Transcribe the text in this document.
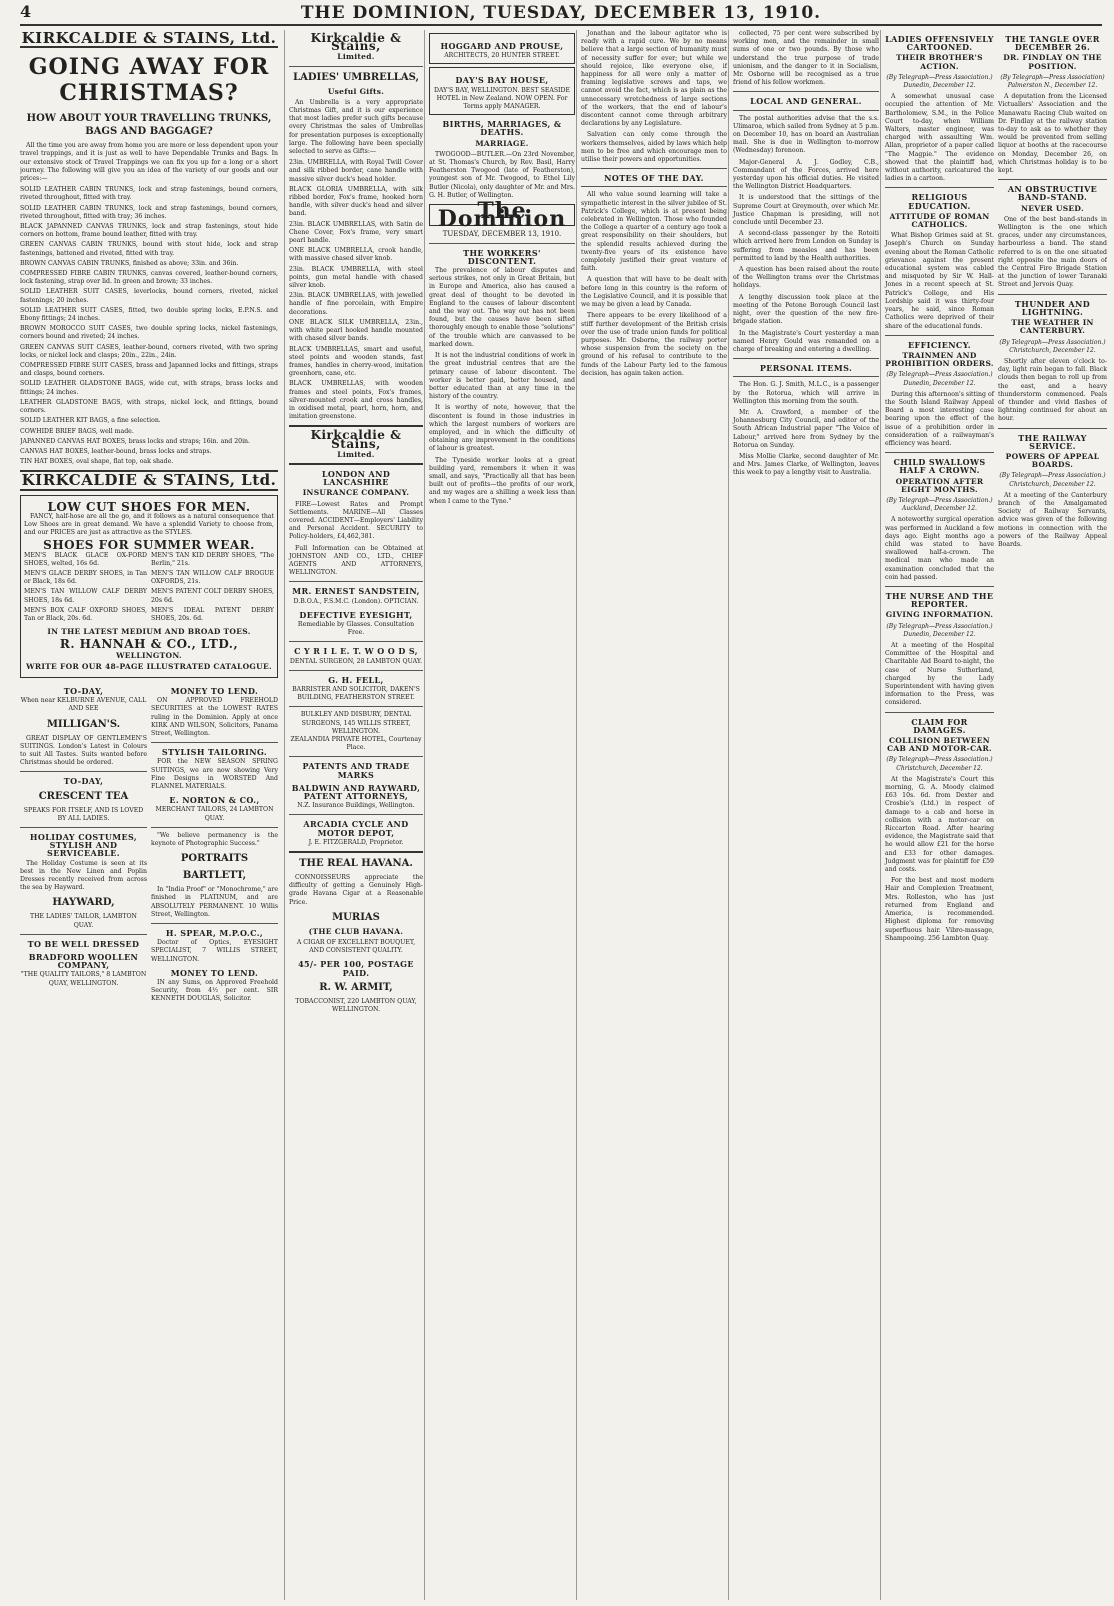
4	THE DOMINION, TUESDAY, DECEMBER 13, 1910.
KIRKCALDIE & STAINS, Ltd.
GOING AWAY FOR CHRISTMAS?
HOW ABOUT YOUR TRAVELLING TRUNKS, BAGS AND BAGGAGE?

All the time you are away from home you are more or less dependent upon your travel trappings, and it is just as well to have Dependable Trunks and Bags. In our extensive stock of Travel Trappings we can fix you up for a long or a short journey. The following will give you an idea of the variety of our goods and our prices:—

SOLID LEATHER CABIN TRUNKS, lock and strap fastenings, bound corners, riveted throughout, fitted with tray.
SOLID LEATHER CABIN TRUNKS, lock and strap fastenings, bound corners, riveted throughout, fitted with tray; 36 inches.
BLACK JAPANNED CANVAS TRUNKS, lock and strap fastenings, stout hide corners on bottom, frame bound leather, fitted with tray.
GREEN CANVAS CABIN TRUNKS, bound with stout hide, lock and strap fastenings, battened and riveted, fitted with tray.
BROWN CANVAS CABIN TRUNKS, finished as above; 33in. and 36in.
COMPRESSED FIBRE CABIN TRUNKS, canvas covered, leather-bound corners, lock fastening, strap over lid. In green and brown; 33 inches.
SOLID LEATHER SUIT CASES, leverlocks, bound corners, riveted, nickel fastenings; 20 inches.
SOLID LEATHER SUIT CASES, fitted, two double spring locks, E.P.N.S. and Ebony fittings; 24 inches.
BROWN MOROCCO SUIT CASES, two double spring locks, nickel fastenings, corners bound and riveted; 24 inches.
GREEN CANVAS SUIT CASES, leather-bound, corners riveted, with two spring locks, or nickel lock and clasps; 20in., 22in., 24in.
COMPRESSED FIBRE SUIT CASES, brass and Japanned locks and fittings, straps and clasps, bound corners.
SOLID LEATHER GLADSTONE BAGS, wide cut, with straps, brass locks and fittings; 24 inches.
LEATHER GLADSTONE BAGS, with straps, nickel lock, and fittings, bound corners.
SOLID LEATHER KIT BAGS, a fine selection.
COWHIDE BRIEF BAGS, well made.
JAPANNED CANVAS HAT BOXES, brass locks and straps; 16in. and 20in.
CANVAS HAT BOXES, leather-bound, brass locks and straps.
TIN HAT BOXES, oval shape, flat top, oak shade.
KIRKCALDIE & STAINS, Ltd.
LOW CUT SHOES FOR MEN.

FANCY, half-hose are all the go, and it follows as a natural consequence that Low Shoes are in great demand. We have a splendid Variety to choose from, and our PRICES are just as attractive as the STYLES.

SHOES FOR SUMMER WEAR.
MEN'S BLACK GLACE OX-FORD SHOES, welted, 16s 6d.
MEN'S GLACE DERBY SHOES, in Tan or Black, 18s 6d.
MEN'S TAN WILLOW CALF DERBY SHOES, 18s 6d.
MEN'S BOX CALF OXFORD SHOES, Tan or Black, 20s. 6d.
MEN'S TAN KID DERBY SHOES, "The Berlin," 21s.
MEN'S TAN WILLOW CALF BROGUE OXFORDS, 21s.
MEN'S PATENT COLT DERBY SHOES, 20s 6d.
MEN'S IDEAL PATENT DERBY SHOES, 20s. 6d.
IN THE LATEST MEDIUM AND BROAD TOES.
R. HANNAH & CO., LTD.,
WELLINGTON.
WRITE FOR OUR 48-PAGE ILLUSTRATED CATALOGUE.
TO-DAY,
When near KELBURNE AVENUE, CALL AND SEE
MILLIGAN'S.

GREAT DISPLAY OF GENTLEMEN'S SUITINGS. London's Latest in Colours to suit All Tastes. Suits wanted before Christmas should be ordered.

TO-DAY,
CRESCENT TEA
SPEAKS FOR ITSELF, AND IS LOVED BY ALL LADIES.
HOLIDAY COSTUMES, STYLISH AND SERVICEABLE.

The Holiday Costume is seen at its best in the New Linen and Poplin Dresses recently received from across the sea by Hayward.

HAYWARD,
THE LADIES' TAILOR, LAMBTON QUAY.
TO BE WELL DRESSED
BRADFORD WOOLLEN COMPANY,
"THE QUALITY TAILORS," 8 LAMBTON QUAY, WELLINGTON.
MONEY TO LEND.

ON APPROVED FREEHOLD SECURITIES at the LOWEST RATES ruling in the Dominion. Apply at once KIRK AND WILSON, Solicitors, Panama Street, Wellington.

STYLISH TAILORING.

FOR the NEW SEASON SPRING SUITINGS, we are now showing Very Fine Designs in WORSTED And FLANNEL MATERIALS.

E. NORTON & CO.,
MERCHANT TAILORS, 24 LAMBTON QUAY.

"We believe permanency is the keynote of Photographic Success."

PORTRAITS
BARTLETT,

In "India Proof" or "Monochrome," are finished in PLATINUM, and are ABSOLUTELY PERMANENT. 10 Willis Street, Wellington.

H. SPEAR, M.P.O.C.,

Doctor of Optics, EYESIGHT SPECIALIST, 7 WILLIS STREET, WELLINGTON.

MONEY TO LEND.

IN any Sums, on Approved Freehold Security, from 4½ per cent. SIR KENNETH DOUGLAS, Solicitor.

Kirkcaldie & Stains,
Limited.
LADIES' UMBRELLAS,
Useful Gifts.

An Umbrella is a very appropriate Christmas Gift, and it is our experience that most ladies prefer such gifts because every Christmas the sales of Umbrellas for presentation purposes is exceptionally large. The following have been specially selected to serve as Gifts:—

23in. UMBRELLA, with Royal Twill Cover and silk ribbed border, cane handle with massive silver duck's head holder.
BLACK GLORIA UMBRELLA, with silk ribbed border, Fox's frame, hooked horn handle, with silver duck's head and silver band.
23in. BLACK UMBRELLAS, with Satin de Chene Cover, Fox's frame, very smart pearl handle.
ONE BLACK UMBRELLA, crook handle, with massive chased silver knob.
23in. BLACK UMBRELLA, with steel points, gun metal handle with chased silver knob.
23in. BLACK UMBRELLAS, with jewelled handle of fine porcelain, with Empire decorations.
ONE BLACK SILK UMBRELLA, 23in., with white pearl hooked handle mounted with chased silver bands.
BLACK UMBRELLAS, smart and useful, steel points and wooden stands, fast frames, handles in cherry-wood, imitation greenhorn, cane, etc.
BLACK UMBRELLAS, with wooden frames and steel points, Fox's frames, silver-mounted crook and cross handles, in oxidised metal, pearl, horn, horn, and imitation greenstone.
Kirkcaldie & Stains,
Limited.
LONDON AND LANCASHIRE
INSURANCE COMPANY.

FIRE—Lowest Rates and Prompt Settlements. MARINE—All Classes covered. ACCIDENT—Employers' Liability and Personal Accident. SECURITY to Policy-holders, £4,462,381.

Full Information can be Obtained at JOHNSTON AND CO., LTD., CHIEF AGENTS AND ATTORNEYS, WELLINGTON.

MR. ERNEST SANDSTEIN,
D.B.O.A., F.S.M.C. (London). OPTICIAN.
DEFECTIVE EYESIGHT,
Remediable by Glasses. Consultation Free.
C Y R I L E. T. W O O D S,
DENTAL SURGEON, 28 LAMBTON QUAY.
G. H. FELL,
BARRISTER AND SOLICITOR, DAKEN'S BUILDING, FEATHERSTON STREET.
BULKLEY AND DISBURY, DENTAL SURGEONS, 145 WILLIS STREET, WELLINGTON.
ZEALANDIA PRIVATE HOTEL, Courtenay Place.
PATENTS AND TRADE MARKS
BALDWIN AND RAYWARD, PATENT ATTORNEYS,
N.Z. Insurance Buildings, Wellington.
ARCADIA CYCLE AND MOTOR DEPOT,
J. E. FITZGERALD, Proprietor.
THE REAL HAVANA.

CONNOISSEURS appreciate the difficulty of getting a Genuinely High-grade Havana Cigar at a Reasonable Price.

MURIAS
(THE CLUB HAVANA.
A CIGAR OF EXCELLENT BOUQUET, AND CONSISTENT QUALITY.
45/- PER 100, POSTAGE PAID.
R. W. ARMIT,
TOBACCONIST, 220 LAMBTON QUAY, WELLINGTON.
HOGGARD AND PROUSE,
ARCHITECTS, 20 HUNTER STREET.
DAY'S BAY HOUSE,
DAY'S BAY, WELLINGTON. BEST SEASIDE HOTEL in New Zealand. NOW OPEN. For Terms apply MANAGER.
BIRTHS, MARRIAGES, & DEATHS.
MARRIAGE.

TWOGOOD—BUTLER.—On 23rd November, at St. Thomas's Church, by Rev. Basil, Harry Featherston Twogood (late of Featherston), youngest son of Mr. Twogood, to Ethel Lily Butler (Nicola), only daughter of Mr. and Mrs. G. H. Butler, of Wellington.

The Dominion
TUESDAY, DECEMBER 13, 1910.
THE WORKERS' DISCONTENT.

The prevalence of labour disputes and serious strikes, not only in Great Britain, but in Europe and America, also has caused a great deal of thought to be devoted in England to the causes of labour discontent and the way out. The way out has not been found, but the causes have been sifted thoroughly enough to enable those "solutions" of the trouble which are canvassed to be marked down.

It is not the industrial conditions of work in the great industrial centres that are the primary cause of labour discontent. The worker is better paid, better housed, and better educated than at any time in the history of the country.

It is worthy of note, however, that the discontent is found in those industries in which the largest numbers of workers are employed, and in which the difficulty of obtaining any improvement in the conditions of labour is greatest.

The Tyneside worker looks at a great building yard, remembers it when it was small, and says, "Practically all that has been built out of profits—the profits of our work, and my wages are a shilling a week less than when I came to the Tyne."

Jonathan and the labour agitator who is ready with a rapid cure. We by no means believe that a large section of humanity must of necessity suffer for ever; but while we should rejoice, like everyone else, if happiness for all were only a matter of framing legislative screws and taps, we cannot avoid the fact, which is as plain as the unnecessary wretchedness of large sections of the workers, that the end of labour's discontent cannot come through arbitrary declarations by any Legislature.

Salvation can only come through the workers themselves, aided by laws which help men to be free and which encourage men to utilise their powers and opportunities.

NOTES OF THE DAY.

All who value sound learning will take a sympathetic interest in the silver jubilee of St. Patrick's College, which is at present being celebrated in Wellington. Those who founded the College a quarter of a century ago took a great responsibility on their shoulders, but the splendid results achieved during the twenty-five years of its existence have completely justified their great venture of faith.

A question that will have to be dealt with before long in this country is the reform of the Legislative Council, and it is possible that we may be given a lead by Canada.

There appears to be every likelihood of a stiff further development of the British crisis over the use of trade union funds for political purposes. Mr. Osborne, the railway porter whose suspension from the society on the ground of his refusal to contribute to the funds of the Labour Party led to the famous decision, has again taken action.

collected, 75 per cent were subscribed by working men, and the remainder in small sums of one or two pounds. By those who understand the true purpose of trade unionism, and the danger to it in Socialism, Mr. Osborne will be recognised as a true friend of his fellow workmen.

LOCAL AND GENERAL.

The postal authorities advise that the s.s. Ulimaroa, which sailed from Sydney at 5 p.m. on December 10, has on board an Australian mail. She is due in Wellington to-morrow (Wednesday) forenoon.

Major-General A. J. Godley, C.B., Commandant of the Forces, arrived here yesterday upon his official duties. He visited the Wellington District Headquarters.

It is understood that the sittings of the Supreme Court at Greymouth, over which Mr. Justice Chapman is presiding, will not conclude until December 23.

A second-class passenger by the Rotoiti which arrived here from London on Sunday is suffering from measles and has been permitted to land by the Health authorities.

A question has been raised about the route of the Wellington trams over the Christmas holidays.

A lengthy discussion took place at the meeting of the Petone Borough Council last night, over the question of the new fire-brigade station.

In the Magistrate's Court yesterday a man named Henry Gould was remanded on a charge of breaking and entering a dwelling.

PERSONAL ITEMS.

The Hon. G. J. Smith, M.L.C., is a passenger by the Rotorua, which will arrive in Wellington this morning from the south.

Mr. A. Crawford, a member of the Johannesburg City Council, and editor of the South African Industrial paper "The Voice of Labour," arrived here from Sydney by the Rotorua on Sunday.

Miss Mollie Clarke, second daughter of Mr. and Mrs. James Clarke, of Wellington, leaves this week to pay a lengthy visit to Australia.

LADIES OFFENSIVELY CARTOONED.
THEIR BROTHER'S ACTION.
(By Telegraph—Press Association.) Dunedin, December 12.

A somewhat unusual case occupied the attention of Mr. Bartholomew, S.M., in the Police Court to-day, when William Walters, master engineer, was charged with assaulting Wm. Allan, proprietor of a paper called "The Magpie." The evidence showed that the plaintiff had, without authority, caricatured the ladies in a cartoon.

RELIGIOUS EDUCATION.
ATTITUDE OF ROMAN CATHOLICS.

What Bishop Grimes said at St. Joseph's Church on Sunday evening about the Roman Catholic grievance against the present educational system was cabled and misquoted by Sir W. Hall-Jones in a recent speech at St. Patrick's College, and His Lordship said it was thirty-four years, he said, since Roman Catholics were deprived of their share of the educational funds.

EFFICIENCY.
TRAINMEN AND PROHIBITION ORDERS.
(By Telegraph—Press Association.) Dunedin, December 12.

During this afternoon's sitting of the South Island Railway Appeal Board a most interesting case bearing upon the effect of the issue of a prohibition order in consideration of a railwayman's efficiency was heard.

CHILD SWALLOWS HALF A CROWN.
OPERATION AFTER EIGHT MONTHS.
(By Telegraph—Press Association.) Auckland, December 12.

A noteworthy surgical operation was performed in Auckland a few days ago. Eight months ago a child was stated to have swallowed half-a-crown. The medical man who made an examination concluded that the coin had passed.

THE NURSE AND THE REPORTER.
GIVING INFORMATION.
(By Telegraph—Press Association.) Dunedin, December 12.

At a meeting of the Hospital Committee of the Hospital and Charitable Aid Board to-night, the case of Nurse Sutherland, charged by the Lady Superintendent with having given information to the Press, was considered.

CLAIM FOR DAMAGES.
COLLISION BETWEEN CAB AND MOTOR-CAR.
(By Telegraph—Press Association.) Christchurch, December 12.

At the Magistrate's Court this morning, G. A. Moody claimed £63 10s. 6d. from Dexter and Crosbie's (Ltd.) in respect of damage to a cab and horse in collision with a motor-car on Riccarton Road. After hearing evidence, the Magistrate said that he would allow £21 for the horse and £33 for other damages. Judgment was for plaintiff for £59 and costs.

For the best and most modern Hair and Complexion Treatment, Mrs. Rolleston, who has just returned from England and America, is recommended. Highest diploma for removing superfluous hair. Vibro-massage, Shampooing. 256 Lambton Quay.

THE TANGLE OVER DECEMBER 26.
DR. FINDLAY ON THE POSITION.
(By Telegraph—Press Association) Palmerston N., December 12.

A deputation from the Licensed Victuallers' Association and the Manawatu Racing Club waited on Dr. Findlay at the railway station to-day to ask as to whether they would be prevented from selling liquor at booths at the racecourse on Monday, December 26, on which Christmas holiday is to be kept.

AN OBSTRUCTIVE BAND-STAND.
NEVER USED.

One of the best band-stands in Wellington is the one which graces, under any circumstances, harbourless a band. The stand referred to is on the one situated right opposite the main doors of the Central Fire Brigade Station at the junction of lower Taranaki Street and Jervois Quay.

THUNDER AND LIGHTNING.
THE WEATHER IN CANTERBURY.
(By Telegraph—Press Association.) Christchurch, December 12.

Shortly after eleven o'clock to-day, light rain began to fall. Black clouds then began to roll up from the east, and a heavy thunderstorm commenced. Peals of thunder and vivid flashes of lightning continued for about an hour.

THE RAILWAY SERVICE.
POWERS OF APPEAL BOARDS.
(By Telegraph—Press Association.) Christchurch, December 12.

At a meeting of the Canterbury branch of the Amalgamated Society of Railway Servants, advice was given of the following motions in connection with the powers of the Railway Appeal Boards.
